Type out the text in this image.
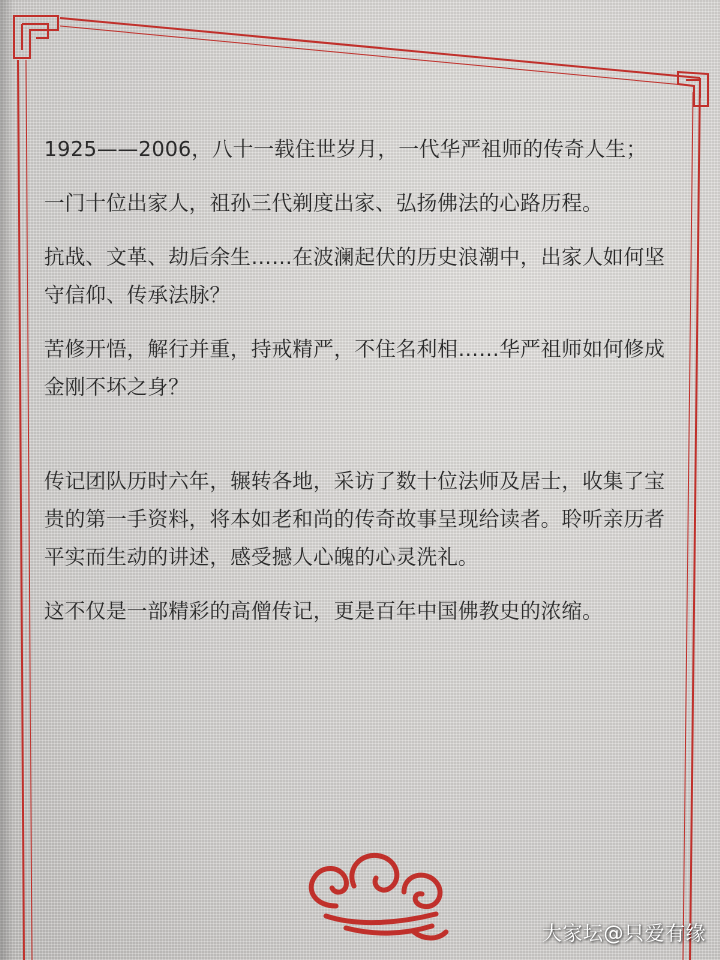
1925——2006，八十一载住世岁月，一代华严祖师的传奇人生；

一门十位出家人，祖孙三代剃度出家、弘扬佛法的心路历程。

抗战、文革、劫后余生……在波澜起伏的历史浪潮中，出家人如何坚守信仰、传承法脉？

苦修开悟，解行并重，持戒精严，不住名利相……华严祖师如何修成金刚不坏之身？

传记团队历时六年，辗转各地，采访了数十位法师及居士，收集了宝贵的第一手资料，将本如老和尚的传奇故事呈现给读者。聆听亲历者平实而生动的讲述，感受撼人心魄的心灵洗礼。

这不仅是一部精彩的高僧传记，更是百年中国佛教史的浓缩。

大家坛@只爱有缘
